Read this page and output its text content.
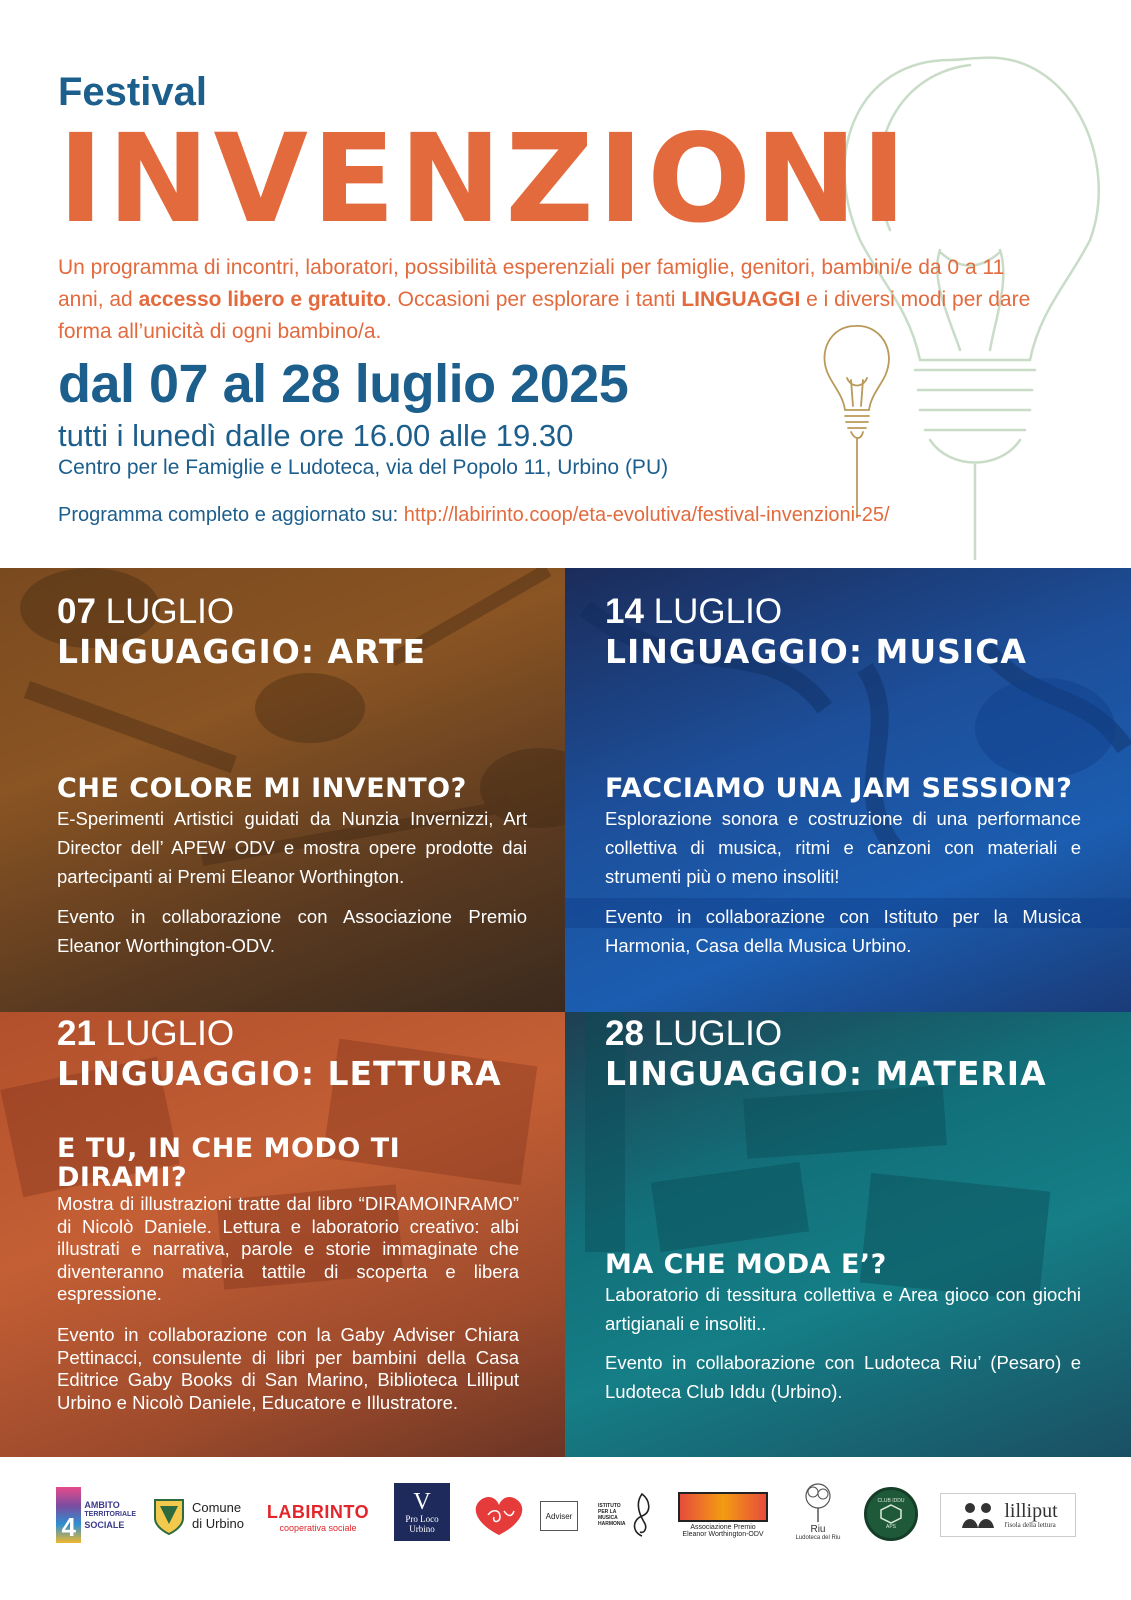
Festival
INVENZIONI
Un programma di incontri, laboratori, possibilità esperenziali per famiglie, genitori, bambini/e da 0 a 11 anni, ad accesso libero e gratuito. Occasioni per esplorare i tanti LINGUAGGI e i diversi modi per dare forma all’unicità di ogni bambino/a.
dal 07 al 28 luglio 2025
tutti i lunedì dalle ore 16.00 alle 19.30
Centro per le Famiglie e Ludoteca, via del Popolo 11, Urbino (PU)
Programma completo e aggiornato su: http://labirinto.coop/eta-evolutiva/festival-invenzioni-25/
07 LUGLIO
LINGUAGGIO: ARTE
CHE COLORE MI INVENTO?
E-Sperimenti Artistici guidati da Nunzia Invernizzi, Art Director dell’ APEW ODV e mostra opere prodotte dai partecipanti ai Premi Eleanor Worthington.
Evento in collaborazione con Associazione Premio Eleanor Worthington-ODV.
14 LUGLIO
LINGUAGGIO: MUSICA
FACCIAMO UNA JAM SESSION?
Esplorazione sonora e costruzione di una performance collettiva di musica, ritmi e canzoni con materiali e strumenti più o meno insoliti!
Evento in collaborazione con Istituto per la Musica Harmonia, Casa della Musica Urbino.
21 LUGLIO
LINGUAGGIO: LETTURA
E TU, IN CHE MODO TI
DIRAMI?
Mostra di illustrazioni tratte dal libro “DIRAMOINRAMO” di Nicolò Daniele. Lettura e laboratorio creativo: albi illustrati e narrativa, parole e storie immaginate che diventeranno materia tattile di scoperta e libera espressione.
Evento in collaborazione con la Gaby Adviser Chiara Pettinacci, consulente di libri per bambini della Casa Editrice Gaby Books di San Marino, Biblioteca Lilliput Urbino e Nicolò Daniele, Educatore e Illustratore.
28 LUGLIO
LINGUAGGIO: MATERIA
MA CHE MODA E’?
Laboratorio di tessitura collettiva e Area gioco con giochi artigianali e insoliti..
Evento in collaborazione con Ludoteca Riu’ (Pesaro) e Ludoteca Club Iddu (Urbino).
4
AMBITO
TERRITORIALE
SOCIALE
Comune
di Urbino
LABIRINTO
cooperativa sociale
V
Pro Loco
Urbino
Adviser
ISTITUTO PER LA MUSICA HARMONIA	Associazione Premio
Eleanor Worthington-ODV	Riu
Ludoteca del Riu
CLUB IDDU
APS
lilliput
l'isola della lettura
